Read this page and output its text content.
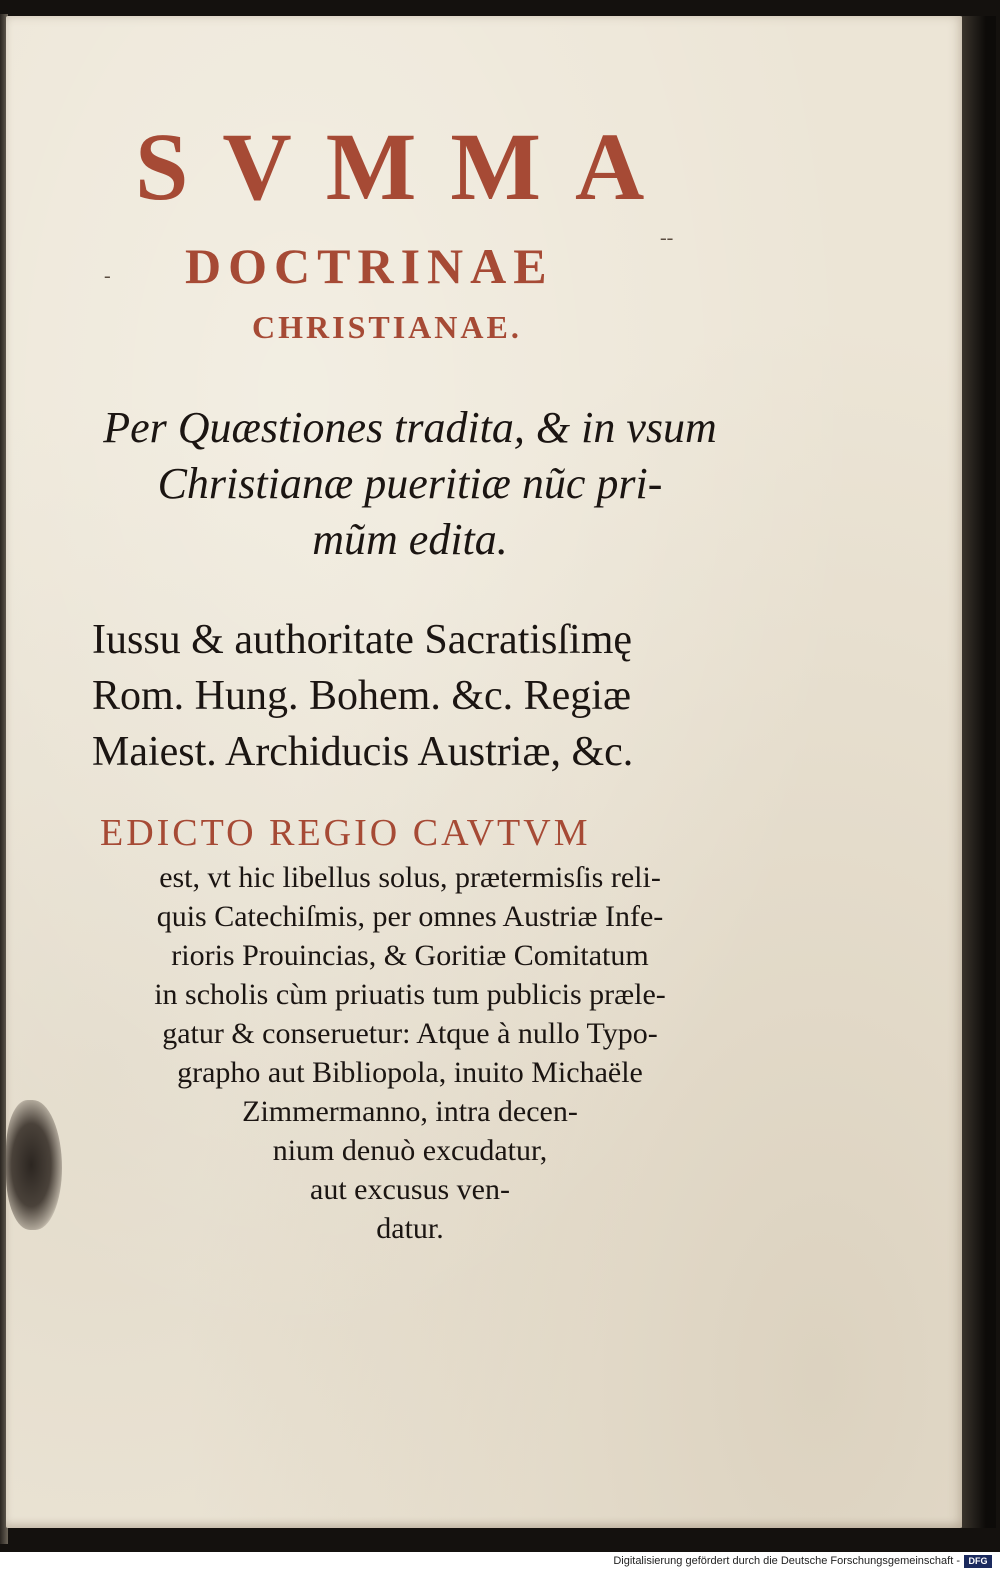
SVMMA
-
--
DOCTRINAE
CHRISTIANAE.
Per Quæstiones tradita, & in vsum
Christianæ pueritiæ nũc pri-
mũm edita.
Iussu & authoritate Sacratisſimę
Rom. Hung. Bohem. &c. Regiæ
Maiest. Archiducis Austriæ, &c.
EDICTO REGIO CAVTVM
est, vt hic libellus solus, prætermisſis reli-
quis Catechiſmis, per omnes Austriæ Infe-
rioris Prouincias, & Goritiæ Comitatum
in scholis cùm priuatis tum publicis præle-
gatur & conseruetur: Atque à nullo Typo-
grapho aut Bibliopola, inuito Michaële
Zimmermanno, intra decen-
nium denuò excudatur,
aut excusus ven-
datur.
Digitalisierung gefördert durch die Deutsche Forschungsgemeinschaft - DFG
